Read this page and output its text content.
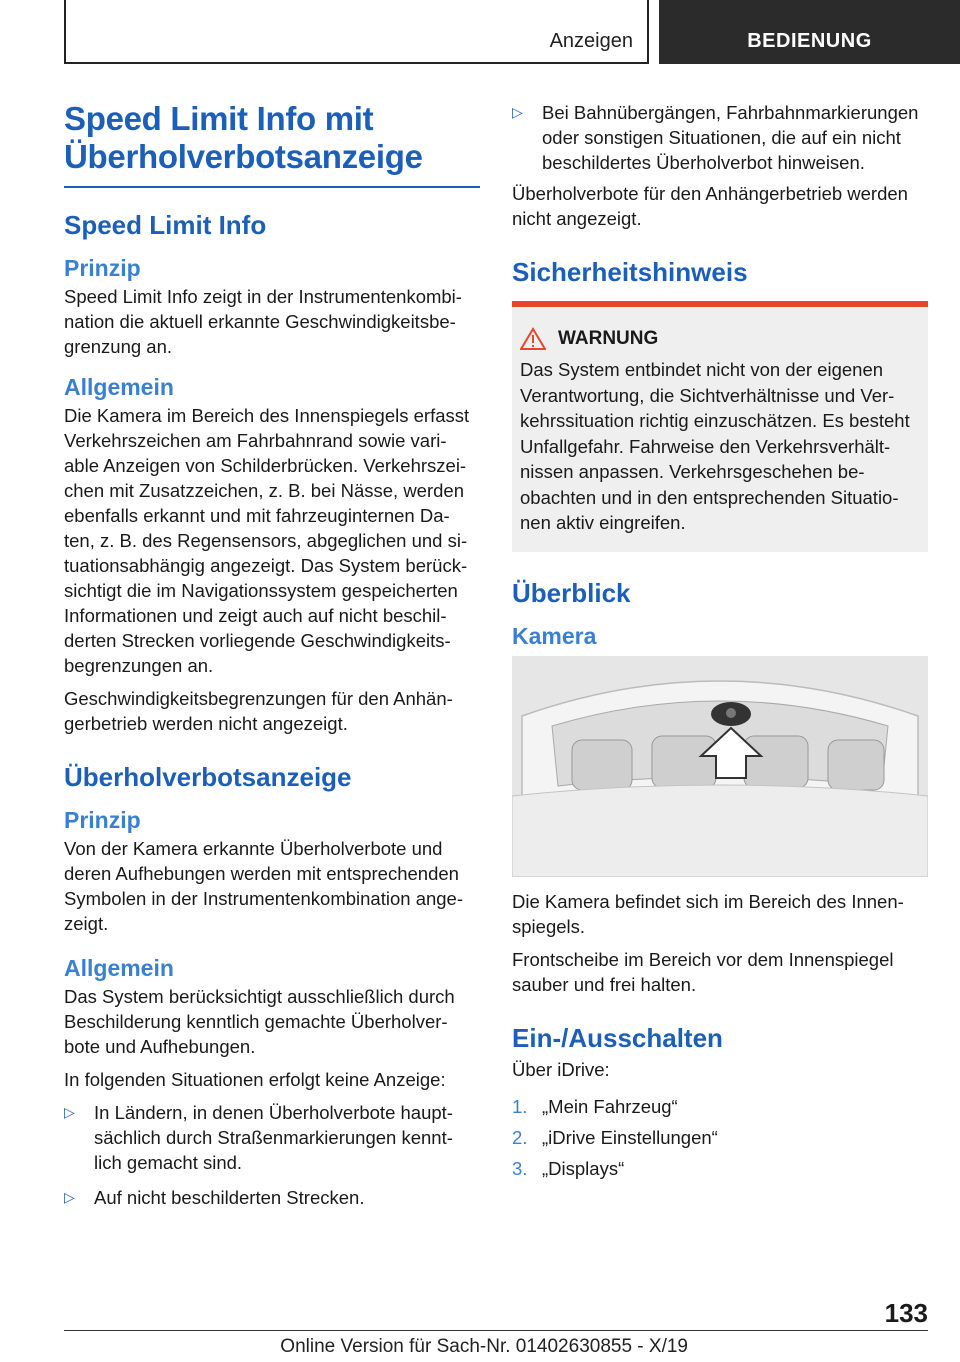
Anzeigen	BEDIENUNG
Speed Limit Info mit Überholverbotsanzeige
Speed Limit Info
Prinzip

Speed Limit Info zeigt in der Instrumentenkombi-nation die aktuell erkannte Geschwindigkeitsbe-grenzung an.

Allgemein

Die Kamera im Bereich des Innenspiegels erfasst Verkehrszeichen am Fahrbahnrand sowie vari-able Anzeigen von Schilderbrücken. Verkehrszei-chen mit Zusatzzeichen, z. B. bei Nässe, werden ebenfalls erkannt und mit fahrzeuginternen Da-ten, z. B. des Regensensors, abgeglichen und si-tuationsabhängig angezeigt. Das System berück-sichtigt die im Navigationssystem gespeicherten Informationen und zeigt auch auf nicht beschil-derten Strecken vorliegende Geschwindigkeits-begrenzungen an.

Geschwindigkeitsbegrenzungen für den Anhän-gerbetrieb werden nicht angezeigt.

Überholverbotsanzeige
Prinzip

Von der Kamera erkannte Überholverbote und deren Aufhebungen werden mit entsprechenden Symbolen in der Instrumentenkombination ange-zeigt.

Allgemein

Das System berücksichtigt ausschließlich durch Beschilderung kenntlich gemachte Überholver-bote und Aufhebungen.

In folgenden Situationen erfolgt keine Anzeige:

▷ In Ländern, in denen Überholverbote haupt-sächlich durch Straßenmarkierungen kennt-lich gemacht sind.
▷ Auf nicht beschilderten Strecken.
▷ Bei Bahnübergängen, Fahrbahnmarkierungen oder sonstigen Situationen, die auf ein nicht beschildertes Überholverbot hinweisen.

Überholverbote für den Anhängerbetrieb werden nicht angezeigt.

Sicherheitshinweis
WARNUNG

Das System entbindet nicht von der eigenen Verantwortung, die Sichtverhältnisse und Ver-kehrssituation richtig einzuschätzen. Es besteht Unfallgefahr. Fahrweise den Verkehrsverhält-nissen anpassen. Verkehrsgeschehen be-obachten und in den entsprechenden Situatio-nen aktiv eingreifen.

Überblick
Kamera

Die Kamera befindet sich im Bereich des Innen-spiegels.

Frontscheibe im Bereich vor dem Innenspiegel sauber und frei halten.

Ein-/Ausschalten

Über iDrive:

1. „Mein Fahrzeug“
2. „iDrive Einstellungen“
3. „Displays“
133
Online Version für Sach-Nr. 01402630855 - X/19
